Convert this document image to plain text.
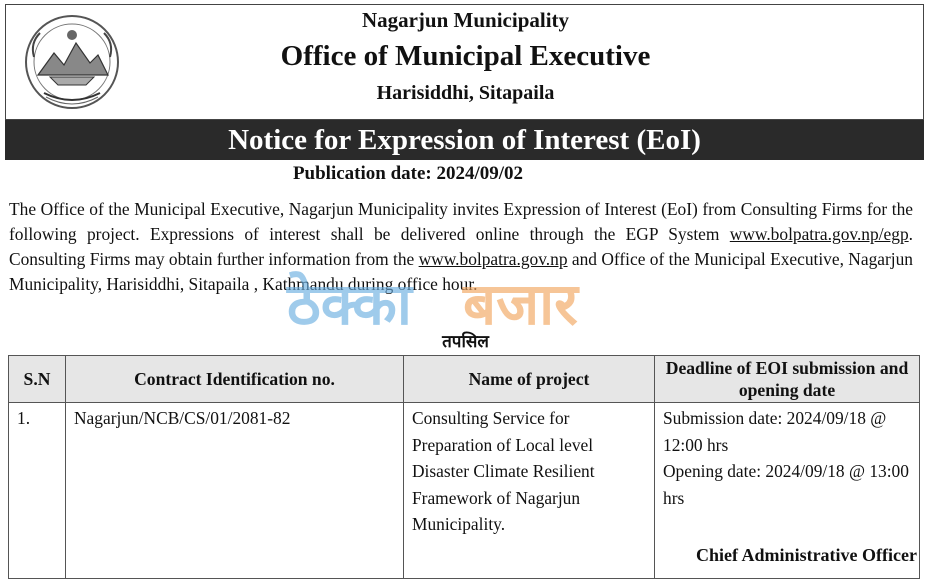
Nagarjun Municipality
Office of Municipal Executive
Harisiddhi, Sitapaila
Notice for Expression of Interest (EoI)
Publication date: 2024/09/02

The Office of the Municipal Executive, Nagarjun Municipality invites Expression of Interest (EoI) from Consulting Firms for the following project. Expressions of interest shall be delivered online through the EGP System www.bolpatra.gov.np/egp. Consulting Firms may obtain further information from the www.bolpatra.gov.np and Office of the Municipal Executive, Nagarjun Municipality, Harisiddhi, Sitapaila , Kathmandu during office hour.

ठेक्का बजार
तपसिल
S.N	Contract Identification no.	Name of project	Deadline of EOI submission and opening date
1.	Nagarjun/NCB/CS/01/2081-82	Consulting Service for Preparation of Local level Disaster Climate Resilient Framework of Nagarjun Municipality.	Submission date: 2024/09/18 @   12:00 hrs
Opening date: 2024/09/18 @ 13:00 hrs
Chief Administrative Officer
